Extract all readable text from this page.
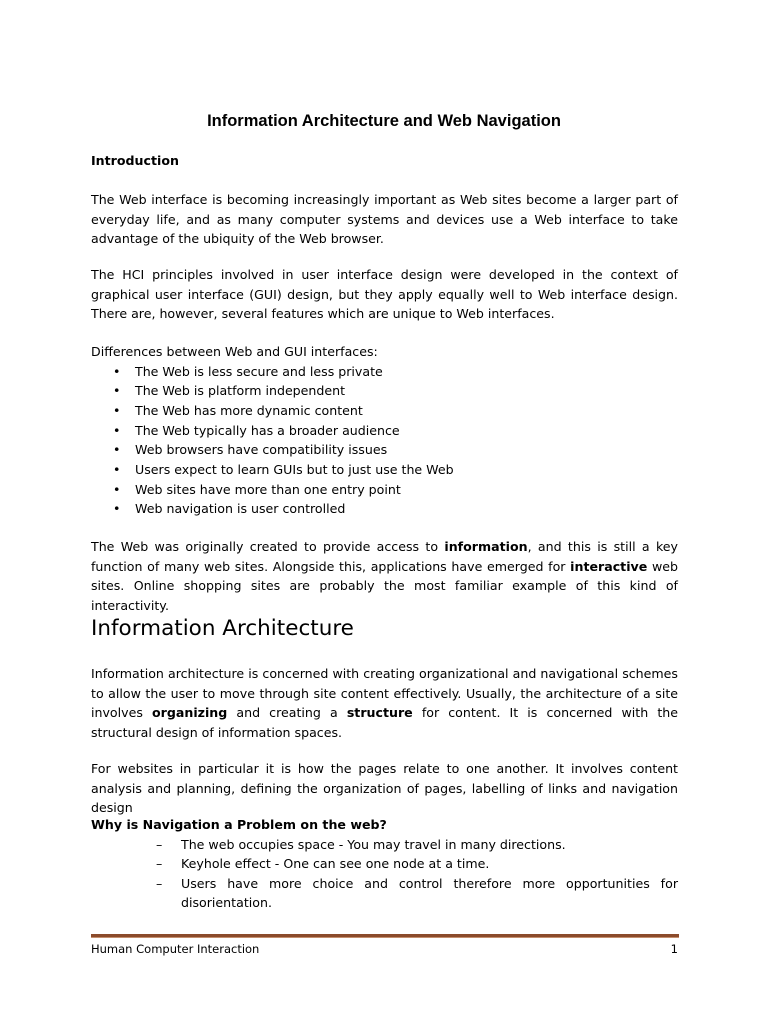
Information Architecture and Web Navigation
Introduction
The Web interface is becoming increasingly important as Web sites become a larger part of everyday life, and as many computer systems and devices use a Web interface to take advantage of the ubiquity of the Web browser.
The HCI principles involved in user interface design were developed in the context of graphical user interface (GUI) design, but they apply equally well to Web interface design. There are, however, several features which are unique to Web interfaces.
Differences between Web and GUI interfaces:
• The Web is less secure and less private
• The Web is platform independent
• The Web has more dynamic content
• The Web typically has a broader audience
• Web browsers have compatibility issues
• Users expect to learn GUIs but to just use the Web
• Web sites have more than one entry point
• Web navigation is user controlled
The Web was originally created to provide access to information, and this is still a key function of many web sites. Alongside this, applications have emerged for interactive web sites. Online shopping sites are probably the most familiar example of this kind of interactivity.
Information Architecture
Information architecture is concerned with creating organizational and navigational schemes to allow the user to move through site content effectively. Usually, the architecture of a site involves organizing and creating a structure for content. It is concerned with the structural design of information spaces.
For websites in particular it is how the pages relate to one another. It involves content analysis and planning, defining the organization of pages, labelling of links and navigation design
Why is Navigation a Problem on the web?
– The web occupies space - You may travel in many directions.
– Keyhole effect - One can see one node at a time.
– Users have more choice and control therefore more opportunities for disorientation.
Human Computer Interaction	1
